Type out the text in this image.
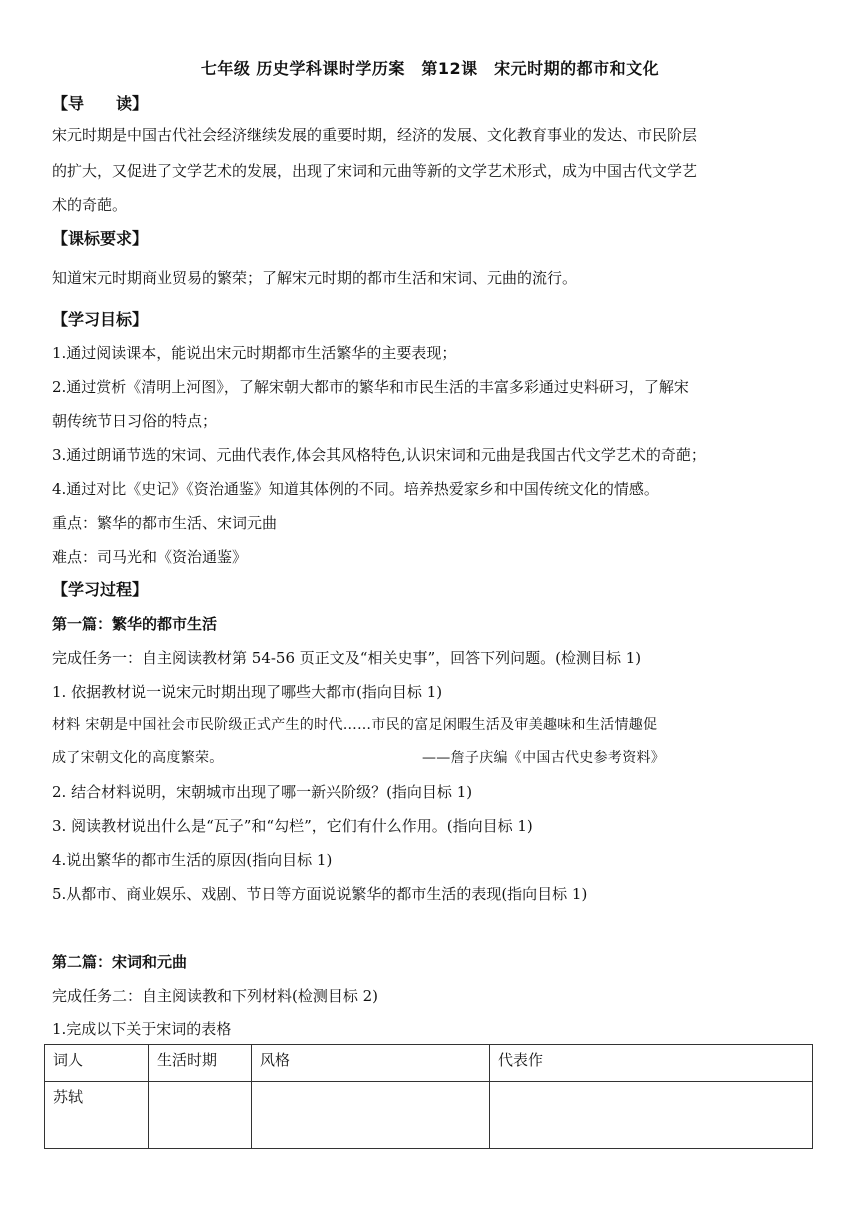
七年级 历史学科课时学历案　第12课　宋元时期的都市和文化
【导　　读】
宋元时期是中国古代社会经济继续发展的重要时期，经济的发展、文化教育事业的发达、市民阶层
的扩大，又促进了文学艺术的发展，出现了宋词和元曲等新的文学艺术形式，成为中国古代文学艺
术的奇葩。
【课标要求】
知道宋元时期商业贸易的繁荣；了解宋元时期的都市生活和宋词、元曲的流行。
【学习目标】
1.通过阅读课本，能说出宋元时期都市生活繁华的主要表现；
2.通过赏析《清明上河图》，了解宋朝大都市的繁华和市民生活的丰富多彩通过史料研习，了解宋
朝传统节日习俗的特点；
3.通过朗诵节选的宋词、元曲代表作,体会其风格特色,认识宋词和元曲是我国古代文学艺术的奇葩；
4.通过对比《史记》《资治通鉴》知道其体例的不同。培养热爱家乡和中国传统文化的情感。
重点：繁华的都市生活、宋词元曲
难点：司马光和《资治通鉴》
【学习过程】
第一篇：繁华的都市生活
完成任务一：自主阅读教材第 54-56 页正文及“相关史事”，回答下列问题。(检测目标 1)
1. 依据教材说一说宋元时期出现了哪些大都市(指向目标 1)
材料 宋朝是中国社会市民阶级正式产生的时代……市民的富足闲暇生活及审美趣味和生活情趣促
成了宋朝文化的高度繁荣。	——詹子庆编《中国古代史参考资料》
2. 结合材料说明，宋朝城市出现了哪一新兴阶级？(指向目标 1)
3. 阅读教材说出什么是“瓦子”和“勾栏”，它们有什么作用。(指向目标 1)
4.说出繁华的都市生活的原因(指向目标 1)
5.从都市、商业娱乐、戏剧、节日等方面说说繁华的都市生活的表现(指向目标 1)
第二篇：宋词和元曲
完成任务二：自主阅读教和下列材料(检测目标 2)
1.完成以下关于宋词的表格
词人	生活时期	风格	代表作
苏轼			
